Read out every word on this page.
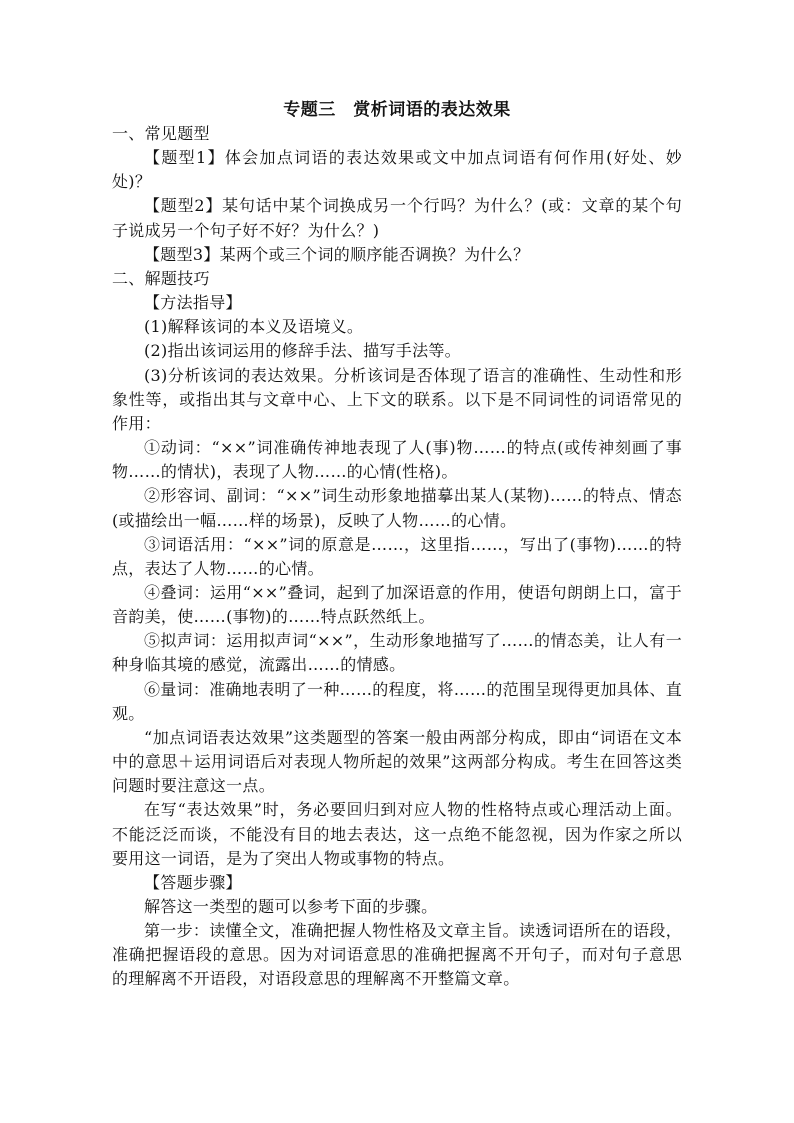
专题三　赏析词语的表达效果

一、常见题型

【题型1】体会加点词语的表达效果或文中加点词语有何作用(好处、妙处)？

【题型2】某句话中某个词换成另一个行吗？为什么？(或：文章的某个句子说成另一个句子好不好？为什么？)

【题型3】某两个或三个词的顺序能否调换？为什么？

二、解题技巧

【方法指导】

(1)解释该词的本义及语境义。

(2)指出该词运用的修辞手法、描写手法等。

(3)分析该词的表达效果。分析该词是否体现了语言的准确性、生动性和形象性等，或指出其与文章中心、上下文的联系。以下是不同词性的词语常见的作用：

①动词：“××”词准确传神地表现了人(事)物……的特点(或传神刻画了事物……的情状)，表现了人物……的心情(性格)。

②形容词、副词：“××”词生动形象地描摹出某人(某物)……的特点、情态(或描绘出一幅……样的场景)，反映了人物……的心情。

③词语活用：“××”词的原意是……，这里指……，写出了(事物)……的特点，表达了人物……的心情。

④叠词：运用“××”叠词，起到了加深语意的作用，使语句朗朗上口，富于音韵美，使……(事物)的……特点跃然纸上。

⑤拟声词：运用拟声词“××”，生动形象地描写了……的情态美，让人有一种身临其境的感觉，流露出……的情感。

⑥量词：准确地表明了一种……的程度，将……的范围呈现得更加具体、直观。

“加点词语表达效果”这类题型的答案一般由两部分构成，即由“词语在文本中的意思＋运用词语后对表现人物所起的效果”这两部分构成。考生在回答这类问题时要注意这一点。

在写“表达效果”时，务必要回归到对应人物的性格特点或心理活动上面。不能泛泛而谈，不能没有目的地去表达，这一点绝不能忽视，因为作家之所以要用这一词语，是为了突出人物或事物的特点。

【答题步骤】

解答这一类型的题可以参考下面的步骤。

第一步：读懂全文，准确把握人物性格及文章主旨。读透词语所在的语段，准确把握语段的意思。因为对词语意思的准确把握离不开句子，而对句子意思的理解离不开语段，对语段意思的理解离不开整篇文章。
